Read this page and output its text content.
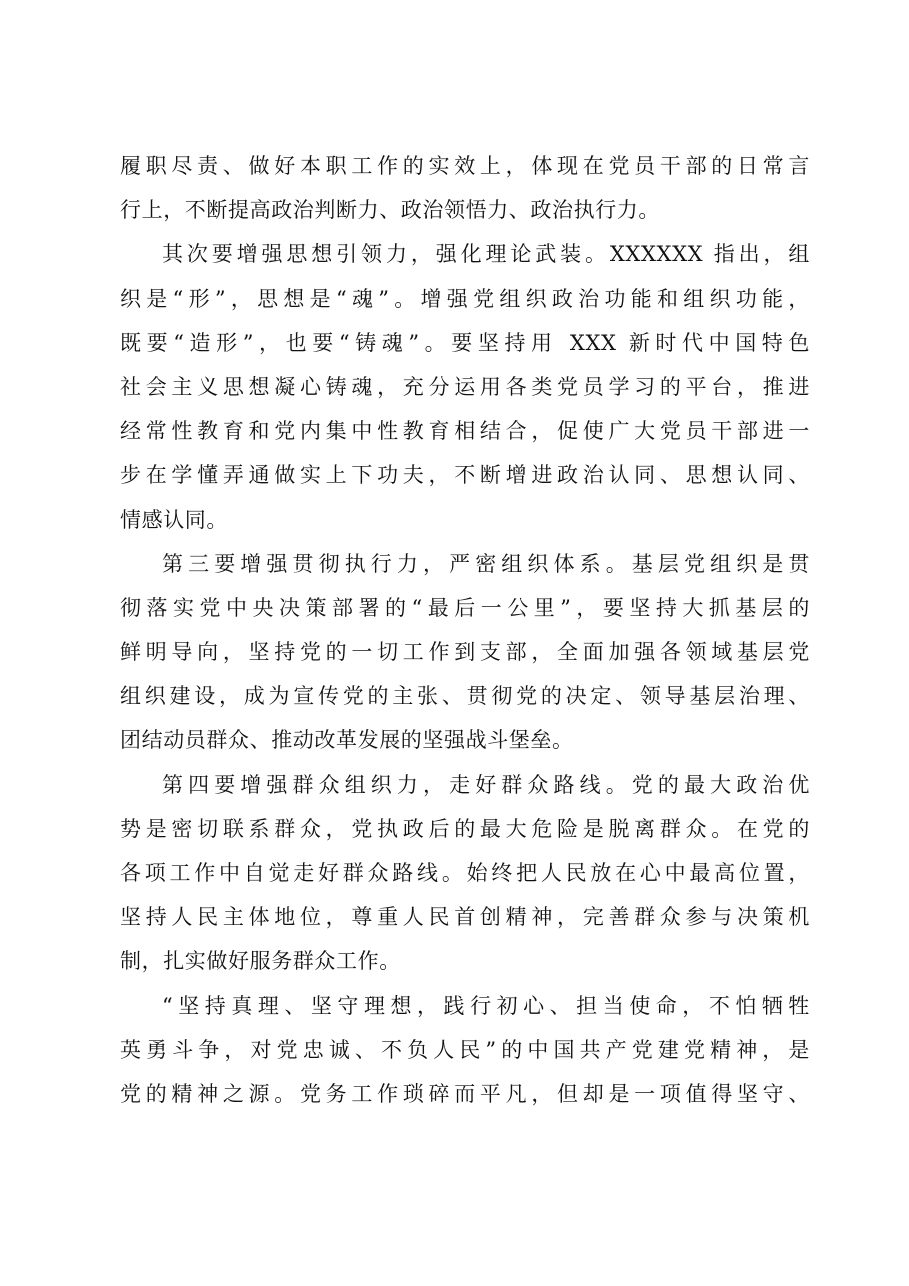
履职尽责、做好本职工作的实效上，体现在党员干部的日常言
行上，不断提高政治判断力、政治领悟力、政治执行力。
其次要增强思想引领力，强化理论武装。XXXXXX 指出，组
织是“形”，思想是“魂”。增强党组织政治功能和组织功能，
既要“造形”，也要“铸魂”。要坚持用 XXX 新时代中国特色
社会主义思想凝心铸魂，充分运用各类党员学习的平台，推进
经常性教育和党内集中性教育相结合，促使广大党员干部进一
步在学懂弄通做实上下功夫，不断增进政治认同、思想认同、
情感认同。
第三要增强贯彻执行力，严密组织体系。基层党组织是贯
彻落实党中央决策部署的“最后一公里”，要坚持大抓基层的
鲜明导向，坚持党的一切工作到支部，全面加强各领域基层党
组织建设，成为宣传党的主张、贯彻党的决定、领导基层治理、
团结动员群众、推动改革发展的坚强战斗堡垒。
第四要增强群众组织力，走好群众路线。党的最大政治优
势是密切联系群众，党执政后的最大危险是脱离群众。在党的
各项工作中自觉走好群众路线。始终把人民放在心中最高位置，
坚持人民主体地位，尊重人民首创精神，完善群众参与决策机
制，扎实做好服务群众工作。
“坚持真理、坚守理想，践行初心、担当使命，不怕牺牲
英勇斗争，对党忠诚、不负人民”的中国共产党建党精神，是
党的精神之源。党务工作琐碎而平凡，但却是一项值得坚守、
